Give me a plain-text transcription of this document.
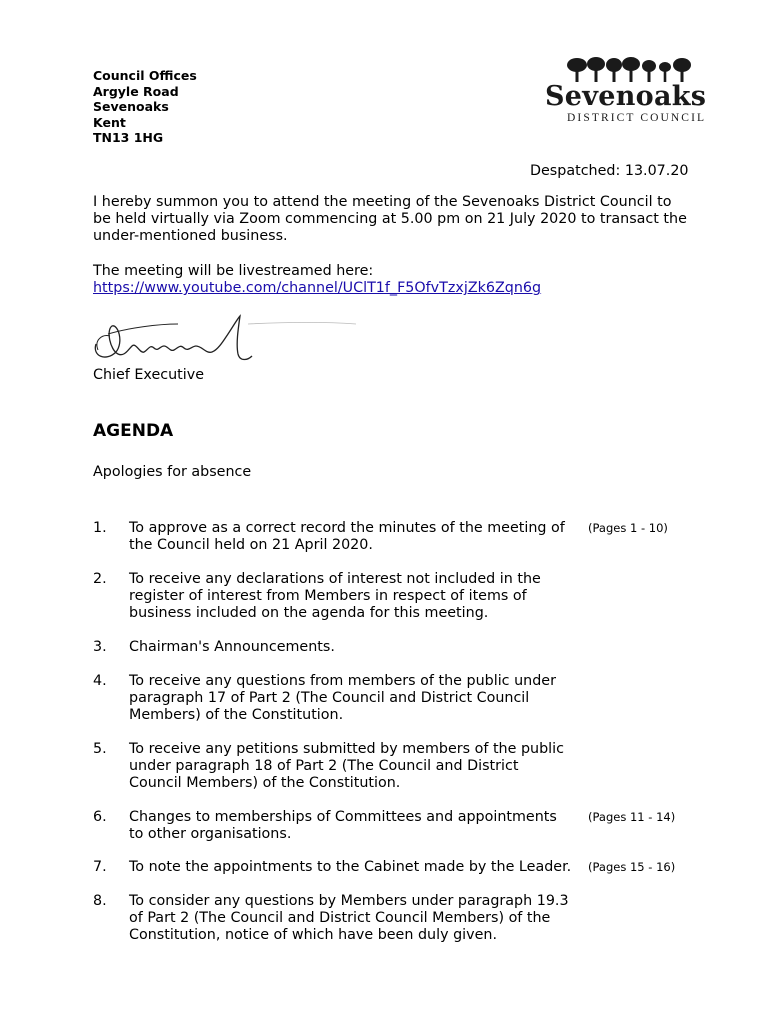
Council Offices
Argyle Road
Sevenoaks
Kent
TN13 1HG
Sevenoaks
DISTRICT COUNCIL
Despatched: 13.07.20
I hereby summon you to attend the meeting of the Sevenoaks District Council to be held virtually via Zoom commencing at 5.00 pm on 21 July 2020 to transact the under-mentioned business.
The meeting will be livestreamed here:
https://www.youtube.com/channel/UClT1f_F5OfvTzxjZk6Zqn6g
Chief Executive
AGENDA
Apologies for absence
1. To approve as a correct record the minutes of the meeting of the Council held on 21 April 2020.
(Pages 1 - 10)
2. To receive any declarations of interest not included in the register of interest from Members in respect of items of business included on the agenda for this meeting.
3. Chairman's Announcements.
4. To receive any questions from members of the public under paragraph 17 of Part 2 (The Council and District Council Members) of the Constitution.
5. To receive any petitions submitted by members of the public under paragraph 18 of Part 2 (The Council and District Council Members) of the Constitution.
6. Changes to memberships of Committees and appointments to other organisations.
(Pages 11 - 14)
7. To note the appointments to the Cabinet made by the Leader. (Pages 15 - 16)
8. To consider any questions by Members under paragraph 19.3 of Part 2 (The Council and District Council Members) of the Constitution, notice of which have been duly given.
